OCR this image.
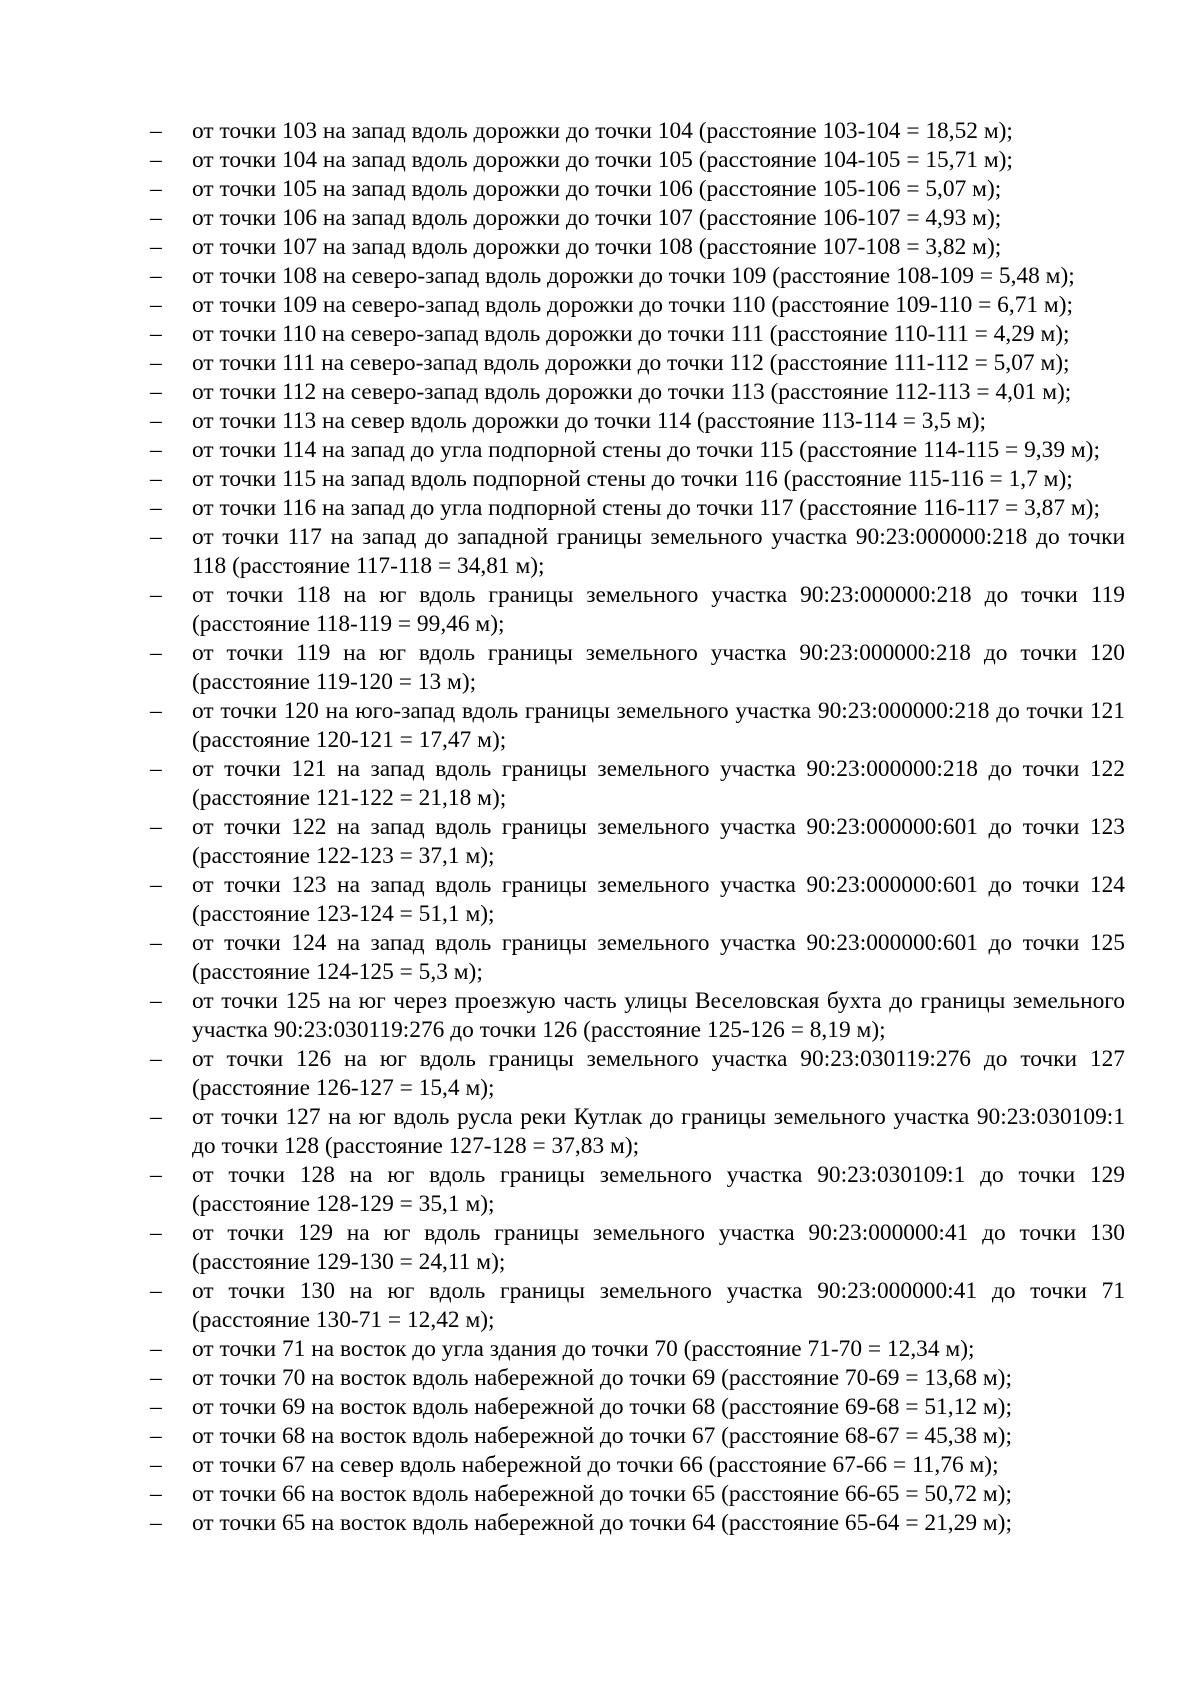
–	от точки 103 на запад вдоль дорожки до точки 104 (расстояние 103-104 = 18,52 м);
–	от точки 104 на запад вдоль дорожки до точки 105 (расстояние 104-105 = 15,71 м);
–	от точки 105 на запад вдоль дорожки до точки 106 (расстояние 105-106 = 5,07 м);
–	от точки 106 на запад вдоль дорожки до точки 107 (расстояние 106-107 = 4,93 м);
–	от точки 107 на запад вдоль дорожки до точки 108 (расстояние 107-108 = 3,82 м);
–	от точки 108 на северо-запад вдоль дорожки до точки 109 (расстояние 108-109 = 5,48 м);
–	от точки 109 на северо-запад вдоль дорожки до точки 110 (расстояние 109-110 = 6,71 м);
–	от точки 110 на северо-запад вдоль дорожки до точки 111 (расстояние 110-111 = 4,29 м);
–	от точки 111 на северо-запад вдоль дорожки до точки 112 (расстояние 111-112 = 5,07 м);
–	от точки 112 на северо-запад вдоль дорожки до точки 113 (расстояние 112-113 = 4,01 м);
–	от точки 113 на север вдоль дорожки до точки 114 (расстояние 113-114 = 3,5 м);
–	от точки 114 на запад до угла подпорной стены до точки 115 (расстояние 114-115 = 9,39 м);
–	от точки 115 на запад вдоль подпорной стены до точки 116 (расстояние 115-116 = 1,7 м);
–	от точки 116 на запад до угла подпорной стены до точки 117 (расстояние 116-117 = 3,87 м);
–	от точки 117 на запад до западной границы земельного участка 90:23:000000:218 до точки 118 (расстояние 117-118 = 34,81 м);
–	от точки 118 на юг вдоль границы земельного участка 90:23:000000:218 до точки 119 (расстояние 118-119 = 99,46 м);
–	от точки 119 на юг вдоль границы земельного участка 90:23:000000:218 до точки 120 (расстояние 119-120 = 13 м);
–	от точки 120 на юго-запад вдоль границы земельного участка 90:23:000000:218 до точки 121 (расстояние 120-121 = 17,47 м);
–	от точки 121 на запад вдоль границы земельного участка 90:23:000000:218 до точки 122 (расстояние 121-122 = 21,18 м);
–	от точки 122 на запад вдоль границы земельного участка 90:23:000000:601 до точки 123 (расстояние 122-123 = 37,1 м);
–	от точки 123 на запад вдоль границы земельного участка 90:23:000000:601 до точки 124 (расстояние 123-124 = 51,1 м);
–	от точки 124 на запад вдоль границы земельного участка 90:23:000000:601 до точки 125 (расстояние 124-125 = 5,3 м);
–	от точки 125 на юг через проезжую часть улицы Веселовская бухта до границы земельного участка 90:23:030119:276 до точки 126 (расстояние 125-126 = 8,19 м);
–	от точки 126 на юг вдоль границы земельного участка 90:23:030119:276 до точки 127 (расстояние 126-127 = 15,4 м);
–	от точки 127 на юг вдоль русла реки Кутлак до границы земельного участка 90:23:030109:1 до точки 128 (расстояние 127-128 = 37,83 м);
–	от точки 128 на юг вдоль границы земельного участка 90:23:030109:1 до точки 129 (расстояние 128-129 = 35,1 м);
–	от точки 129 на юг вдоль границы земельного участка 90:23:000000:41 до точки 130 (расстояние 129-130 = 24,11 м);
–	от точки 130 на юг вдоль границы земельного участка 90:23:000000:41 до точки 71 (расстояние 130-71 = 12,42 м);
–	от точки 71 на восток до угла здания до точки 70 (расстояние 71-70 = 12,34 м);
–	от точки 70 на восток вдоль набережной до точки 69 (расстояние 70-69 = 13,68 м);
–	от точки 69 на восток вдоль набережной до точки 68 (расстояние 69-68 = 51,12 м);
–	от точки 68 на восток вдоль набережной до точки 67 (расстояние 68-67 = 45,38 м);
–	от точки 67 на север вдоль набережной до точки 66 (расстояние 67-66 = 11,76 м);
–	от точки 66 на восток вдоль набережной до точки 65 (расстояние 66-65 = 50,72 м);
–	от точки 65 на восток вдоль набережной до точки 64 (расстояние 65-64 = 21,29 м);
